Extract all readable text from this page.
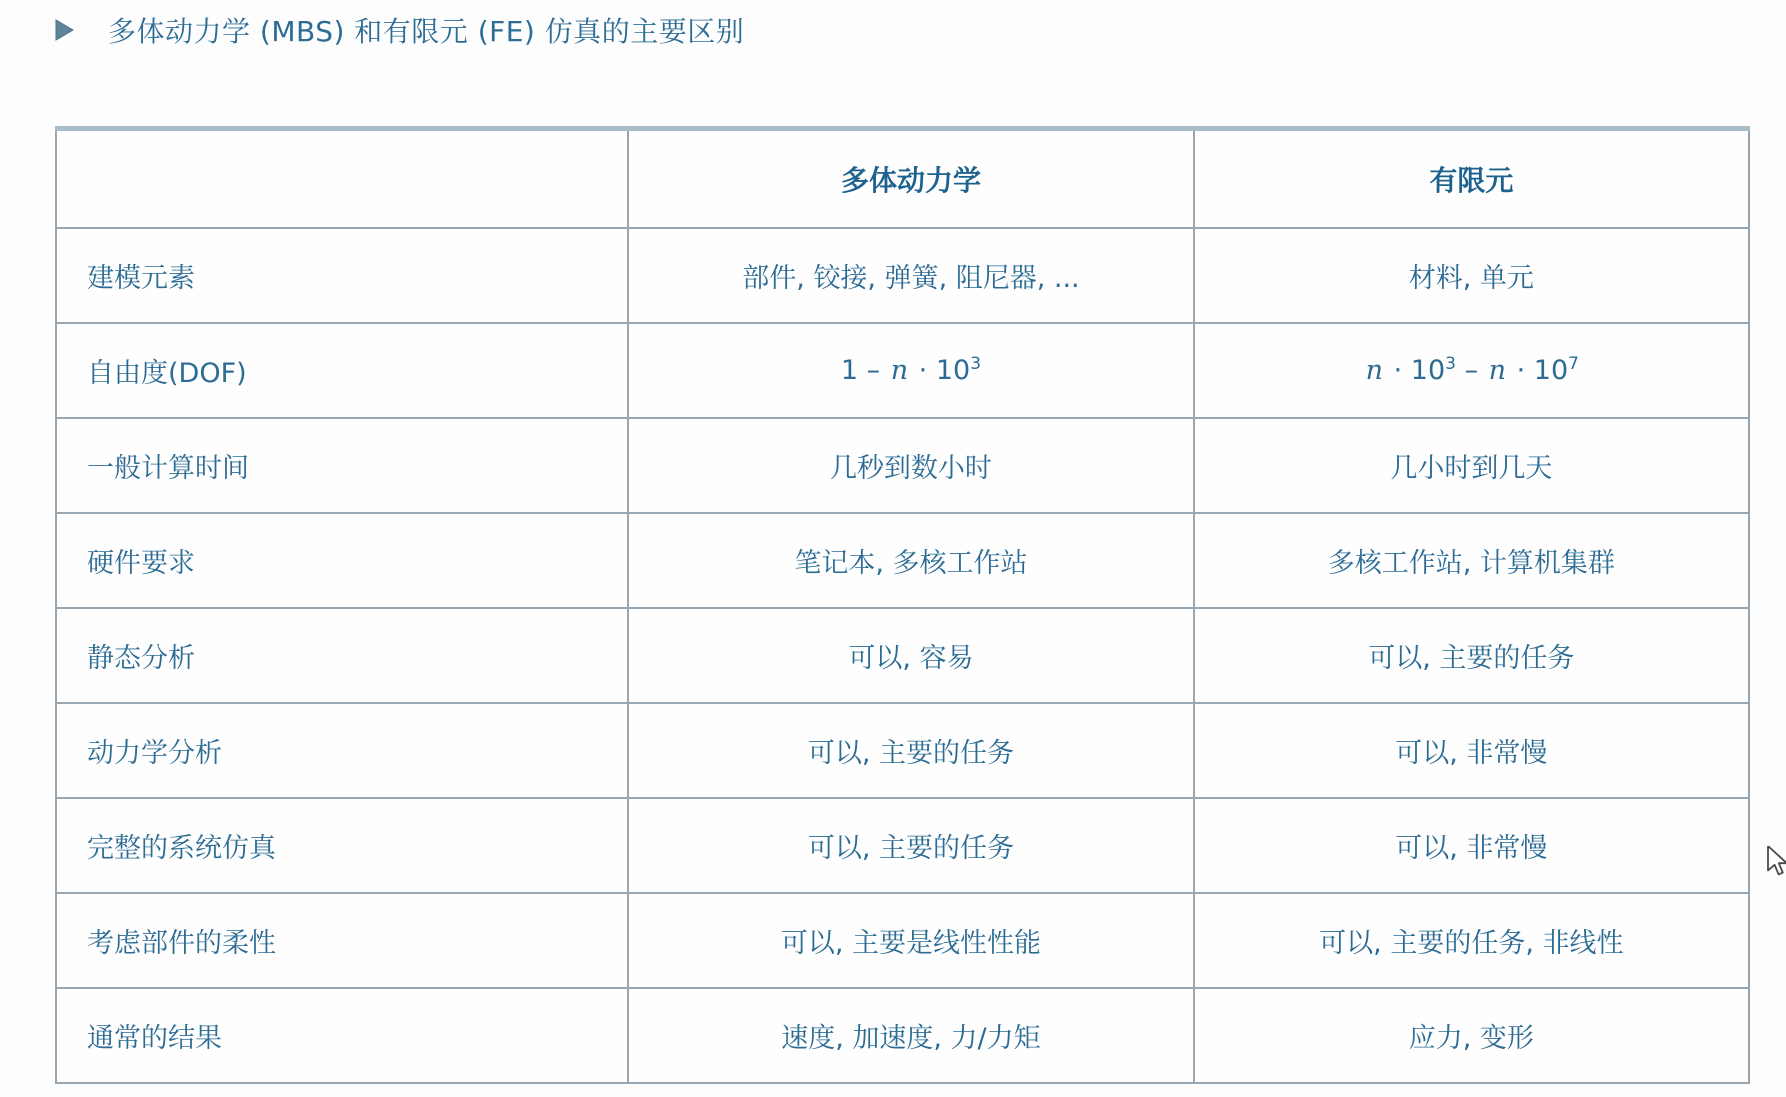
多体动力学 (MBS) 和有限元 (FE) 仿真的主要区别
	多体动力学	有限元
建模元素	部件, 铰接, 弹簧, 阻尼器, ...	材料, 单元
自由度(DOF)	$1 - n \cdot 10^3$	$n \cdot 10^3 - n \cdot 10^7$
一般计算时间	几秒到数小时	几小时到几天
硬件要求	笔记本, 多核工作站	多核工作站, 计算机集群
静态分析	可以, 容易	可以, 主要的任务
动力学分析	可以, 主要的任务	可以, 非常慢
完整的系统仿真	可以, 主要的任务	可以, 非常慢
考虑部件的柔性	可以, 主要是线性性能	可以, 主要的任务, 非线性
通常的结果	速度, 加速度, 力/力矩	应力, 变形
